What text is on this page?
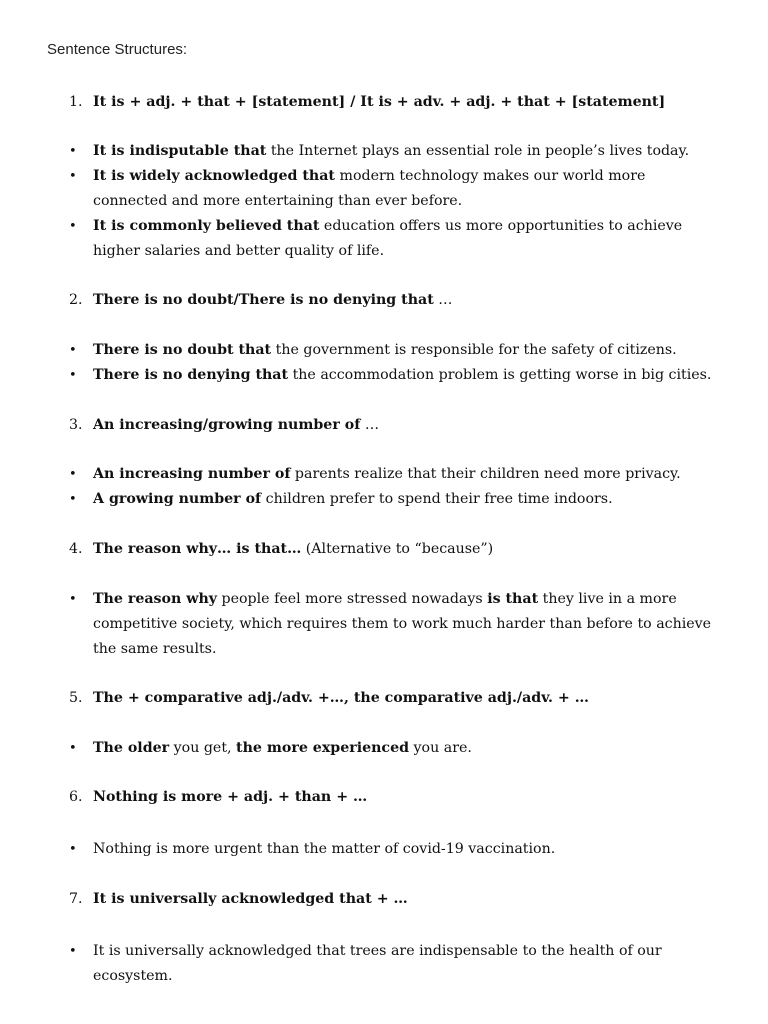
Sentence Structures:
1. It is + adj. + that + [statement] / It is + adv. + adj. + that + [statement]
• It is indisputable that the Internet plays an essential role in people’s lives today.
• It is widely acknowledged that modern technology makes our world more connected and more entertaining than ever before.
• It is commonly believed that education offers us more opportunities to achieve higher salaries and better quality of life.
2. There is no doubt/There is no denying that …
• There is no doubt that the government is responsible for the safety of citizens.
• There is no denying that the accommodation problem is getting worse in big cities.
3. An increasing/growing number of …
• An increasing number of parents realize that their children need more privacy.
• A growing number of children prefer to spend their free time indoors.
4. The reason why… is that… (Alternative to “because”)
• The reason why people feel more stressed nowadays is that they live in a more competitive society, which requires them to work much harder than before to achieve the same results.
5. The + comparative adj./adv. +…, the comparative adj./adv. + …
• The older you get, the more experienced you are.
6. Nothing is more + adj. + than + …
• Nothing is more urgent than the matter of covid-19 vaccination.
7. It is universally acknowledged that + …
• It is universally acknowledged that trees are indispensable to the health of our ecosystem.
